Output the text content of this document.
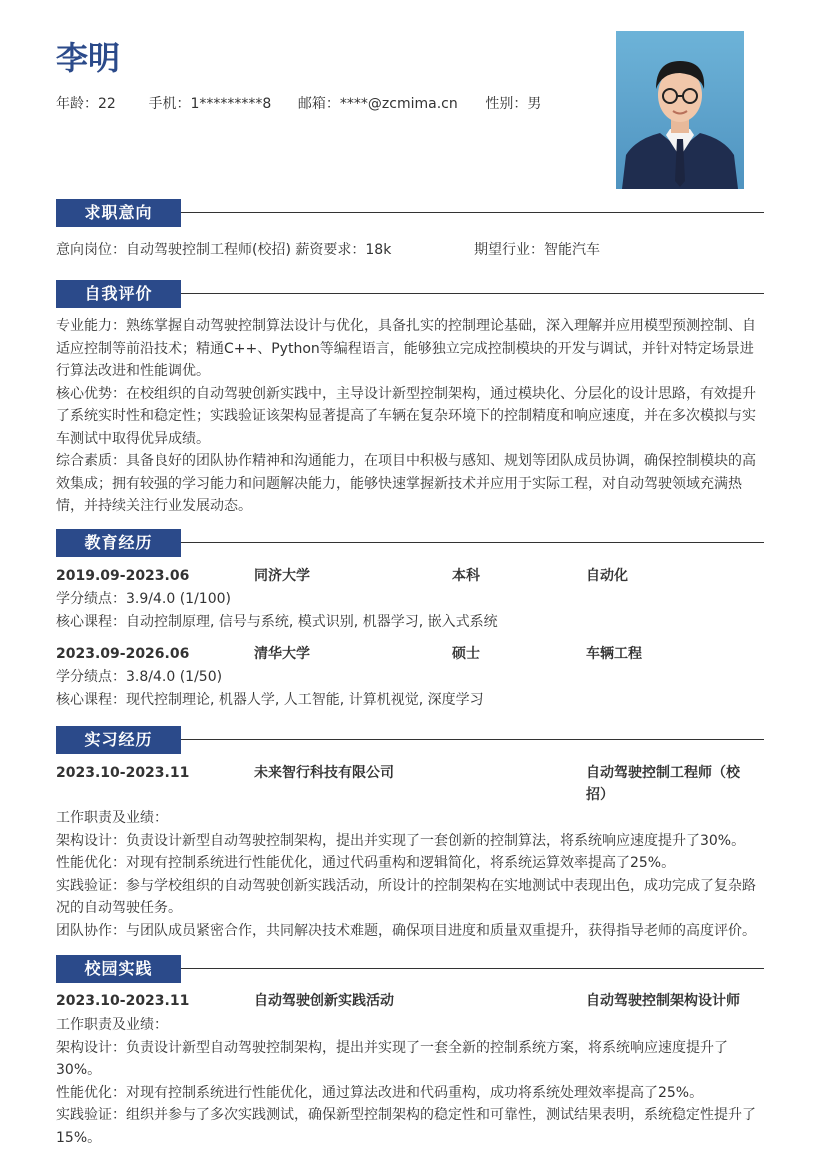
李明
年龄：22 手机：1*********8 邮箱：****@zcmima.cn 性别：男
求职意向
意向岗位：自动驾驶控制工程师(校招) 薪资要求：18k	期望行业：智能汽车
自我评价
专业能力：熟练掌握自动驾驶控制算法设计与优化，具备扎实的控制理论基础，深入理解并应用模型预测控制、自适应控制等前沿技术；精通C++、Python等编程语言，能够独立完成控制模块的开发与调试，并针对特定场景进行算法改进和性能调优。
核心优势：在校组织的自动驾驶创新实践中，主导设计新型控制架构，通过模块化、分层化的设计思路，有效提升了系统实时性和稳定性；实践验证该架构显著提高了车辆在复杂环境下的控制精度和响应速度，并在多次模拟与实车测试中取得优异成绩。
综合素质：具备良好的团队协作精神和沟通能力，在项目中积极与感知、规划等团队成员协调，确保控制模块的高效集成；拥有较强的学习能力和问题解决能力，能够快速掌握新技术并应用于实际工程，对自动驾驶领域充满热情，并持续关注行业发展动态。
教育经历
2019.09-2023.06	同济大学	本科	自动化
学分绩点：3.9/4.0 (1/100)
核心课程：自动控制原理, 信号与系统, 模式识别, 机器学习, 嵌入式系统
2023.09-2026.06	清华大学	硕士	车辆工程
学分绩点：3.8/4.0 (1/50)
核心课程：现代控制理论, 机器人学, 人工智能, 计算机视觉, 深度学习
实习经历
2023.10-2023.11	未来智行科技有限公司	自动驾驶控制工程师（校招）
工作职责及业绩：
架构设计：负责设计新型自动驾驶控制架构，提出并实现了一套创新的控制算法，将系统响应速度提升了30%。
性能优化：对现有控制系统进行性能优化，通过代码重构和逻辑简化，将系统运算效率提高了25%。
实践验证：参与学校组织的自动驾驶创新实践活动，所设计的控制架构在实地测试中表现出色，成功完成了复杂路况的自动驾驶任务。
团队协作：与团队成员紧密合作，共同解决技术难题，确保项目进度和质量双重提升，获得指导老师的高度评价。
校园实践
2023.10-2023.11	自动驾驶创新实践活动	自动驾驶控制架构设计师
工作职责及业绩：
架构设计：负责设计新型自动驾驶控制架构，提出并实现了一套全新的控制系统方案，将系统响应速度提升了30%。
性能优化：对现有控制系统进行性能优化，通过算法改进和代码重构，成功将系统处理效率提高了25%。
实践验证：组织并参与了多次实践测试，确保新型控制架构的稳定性和可靠性，测试结果表明，系统稳定性提升了15%。
